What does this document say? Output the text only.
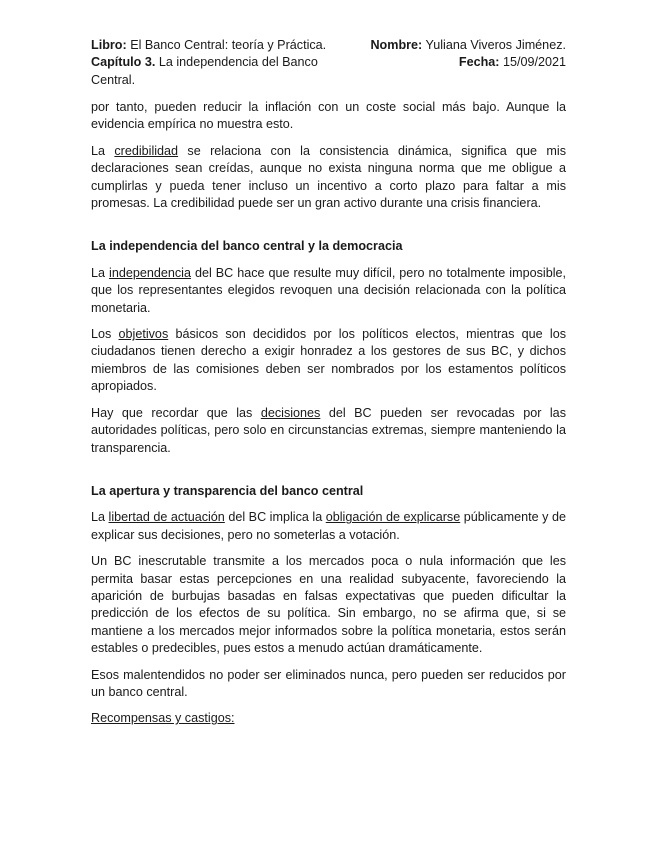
Libro: El Banco Central: teoría y Práctica.
Capítulo 3. La independencia del Banco Central.
Nombre: Yuliana Viveros Jiménez.
Fecha: 15/09/2021

por tanto, pueden reducir la inflación con un coste social más bajo. Aunque la evidencia empírica no muestra esto.

La credibilidad se relaciona con la consistencia dinámica, significa que mis declaraciones sean creídas, aunque no exista ninguna norma que me obligue a cumplirlas y pueda tener incluso un incentivo a corto plazo para faltar a mis promesas. La credibilidad puede ser un gran activo durante una crisis financiera.

La independencia del banco central y la democracia

La independencia del BC hace que resulte muy difícil, pero no totalmente imposible, que los representantes elegidos revoquen una decisión relacionada con la política monetaria.

Los objetivos básicos son decididos por los políticos electos, mientras que los ciudadanos tienen derecho a exigir honradez a los gestores de sus BC, y dichos miembros de las comisiones deben ser nombrados por los estamentos políticos apropiados.

Hay que recordar que las decisiones del BC pueden ser revocadas por las autoridades políticas, pero solo en circunstancias extremas, siempre manteniendo la transparencia.

La apertura y transparencia del banco central

La libertad de actuación del BC implica la obligación de explicarse públicamente y de explicar sus decisiones, pero no someterlas a votación.

Un BC inescrutable transmite a los mercados poca o nula información que les permita basar estas percepciones en una realidad subyacente, favoreciendo la aparición de burbujas basadas en falsas expectativas que pueden dificultar la predicción de los efectos de su política. Sin embargo, no se afirma que, si se mantiene a los mercados mejor informados sobre la política monetaria, estos serán estables o predecibles, pues estos a menudo actúan dramáticamente.

Esos malentendidos no poder ser eliminados nunca, pero pueden ser reducidos por un banco central.

Recompensas y castigos:
